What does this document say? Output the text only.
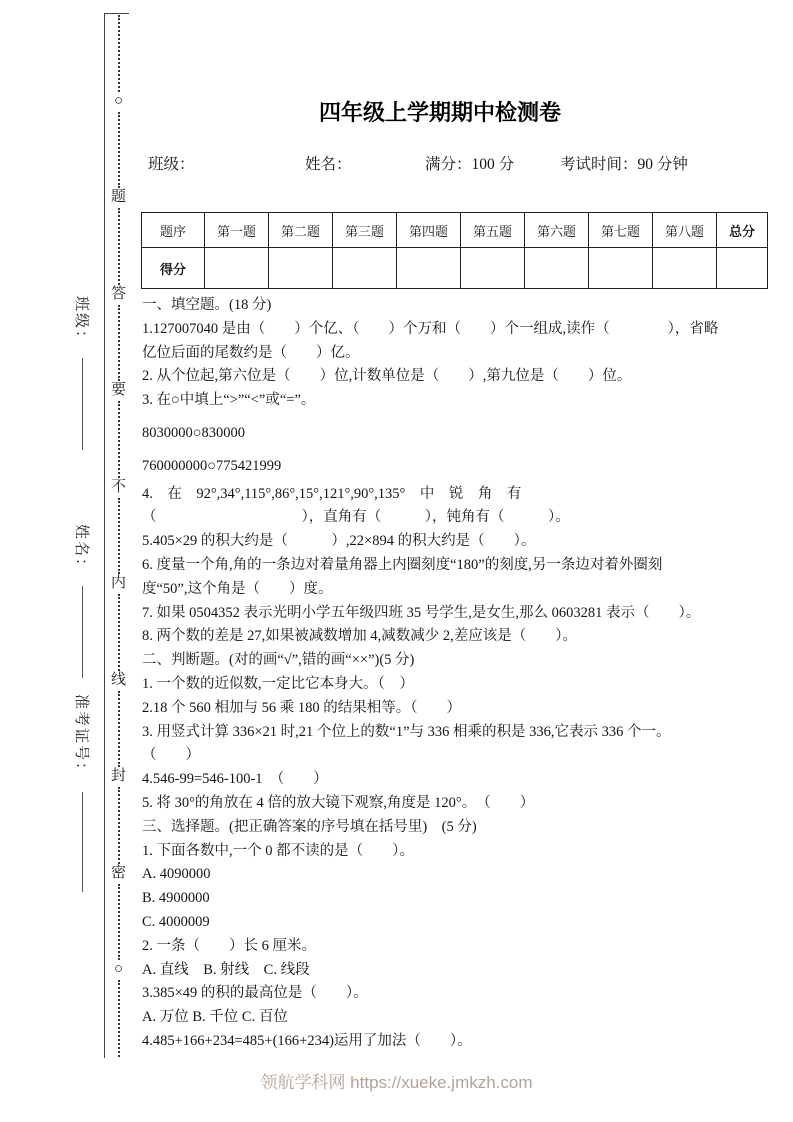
○
题
答
要
不
内
线
封
密
○
班级：
姓名：
准考证号：
四年级上学期期中检测卷
班级：	姓名：	满分：100 分	考试时间：90 分钟
题序	第一题	第二题	第三题	第四题	第五题	第六题	第七题	第八题	总分
得分									
一、填空题。(18 分)
1.127007040 是由（　　）个亿、（　　）个万和（　　）个一组成,读作（　　　　），省略
亿位后面的尾数约是（　　）亿。
2. 从个位起,第六位是（　　）位,计数单位是（　　）,第九位是（　　）位。
3. 在○中填上“>”“<”或“=”。
8030000○830000
760000000○775421999
4.　在　92°,34°,115°,86°,15°,121°,90°,135°　中　锐　角　有
（　　　　　　　　　　），直角有（　　　），钝角有（　　　）。
5.405×29 的积大约是（　　　）,22×894 的积大约是（　　）。
6. 度量一个角,角的一条边对着量角器上内圈刻度“180”的刻度,另一条边对着外圈刻
度“50”,这个角是（　　）度。
7. 如果 0504352 表示光明小学五年级四班 35 号学生,是女生,那么 0603281 表示（　　）。
8. 两个数的差是 27,如果被减数增加 4,减数减少 2,差应该是（　　）。
二、判断题。(对的画“√”,错的画“××”)(5 分)
1. 一个数的近似数,一定比它本身大。（　）
2.18 个 560 相加与 56 乘 180 的结果相等。（　　）
3. 用竖式计算 336×21 时,21 个位上的数“1”与 336 相乘的积是 336,它表示 336 个一。
（　　）
4.546-99=546-100-1　（　　）
5. 将 30°的角放在 4 倍的放大镜下观察,角度是 120°。　（　　）
三、选择题。(把正确答案的序号填在括号里)　(5 分)
1. 下面各数中,一个 0 都不读的是（　　）。
A. 4090000
B. 4900000
C. 4000009
2. 一条（　　）长 6 厘米。
A. 直线　B. 射线　C. 线段
3.385×49 的积的最高位是（　　）。
A. 万位 B. 千位 C. 百位
4.485+166+234=485+(166+234)运用了加法（　　）。
领航学科网 https://xueke.jmkzh.com
